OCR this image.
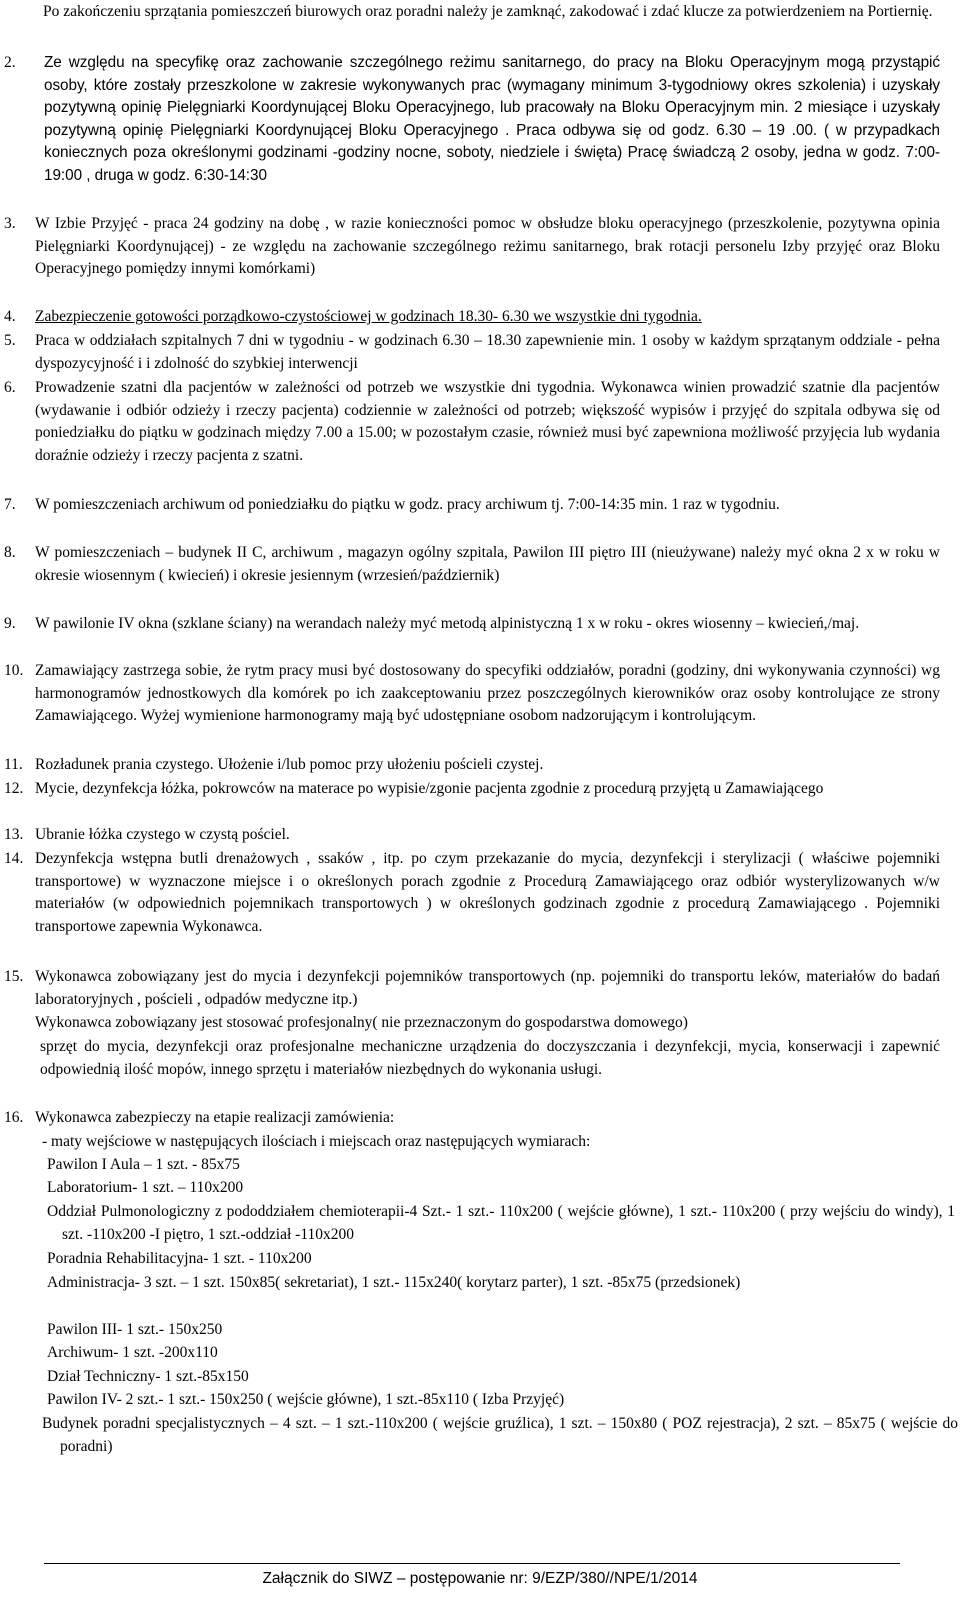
Po zakończeniu sprzątania pomieszczeń biurowych oraz poradni należy je zamknąć, zakodować i zdać klucze za potwierdzeniem na Portiernię.

2. Ze względu na specyfikę oraz zachowanie szczególnego reżimu sanitarnego, do pracy na Bloku Operacyjnym mogą przystąpić osoby, które zostały przeszkolone w zakresie wykonywanych prac (wymagany minimum 3-tygodniowy okres szkolenia) i uzyskały pozytywną opinię Pielęgniarki Koordynującej Bloku Operacyjnego, lub pracowały na Bloku Operacyjnym min. 2 miesiące i uzyskały pozytywną opinię Pielęgniarki Koordynującej Bloku Operacyjnego . Praca odbywa się od godz. 6.30 – 19 .00. ( w przypadkach koniecznych poza określonymi godzinami -godziny nocne, soboty, niedziele i święta) Pracę świadczą 2 osoby, jedna w godz. 7:00-19:00 , druga w godz. 6:30-14:30

3. W Izbie Przyjęć - praca 24 godziny na dobę , w razie konieczności pomoc w obsłudze bloku operacyjnego (przeszkolenie, pozytywna opinia Pielęgniarki Koordynującej) - ze względu na zachowanie szczególnego reżimu sanitarnego, brak rotacji personelu Izby przyjęć oraz Bloku Operacyjnego pomiędzy innymi komórkami)

4. Zabezpieczenie gotowości porządkowo-czystościowej w godzinach 18.30- 6.30 we wszystkie dni tygodnia.

5. Praca w oddziałach szpitalnych 7 dni w tygodniu - w godzinach 6.30 – 18.30 zapewnienie min. 1 osoby w każdym sprzątanym oddziale - pełna dyspozycyjność i i zdolność do szybkiej interwencji

6. Prowadzenie szatni dla pacjentów w zależności od potrzeb we wszystkie dni tygodnia. Wykonawca winien prowadzić szatnie dla pacjentów (wydawanie i odbiór odzieży i rzeczy pacjenta) codziennie w zależności od potrzeb; większość wypisów i przyjęć do szpitala odbywa się od poniedziałku do piątku w godzinach między 7.00 a 15.00; w pozostałym czasie, również musi być zapewniona możliwość przyjęcia lub wydania doraźnie odzieży i rzeczy pacjenta z szatni.

7. W pomieszczeniach archiwum od poniedziałku do piątku w godz. pracy archiwum tj. 7:00-14:35 min. 1 raz w tygodniu.

8. W pomieszczeniach – budynek II C, archiwum , magazyn ogólny szpitala, Pawilon III piętro III (nieużywane) należy myć okna 2 x w roku w okresie wiosennym ( kwiecień) i okresie jesiennym (wrzesień/październik)

9. W pawilonie IV okna (szklane ściany) na werandach należy myć metodą alpinistyczną 1 x w roku - okres wiosenny – kwiecień,/maj.

10. Zamawiający zastrzega sobie, że rytm pracy musi być dostosowany do specyfiki oddziałów, poradni (godziny, dni wykonywania czynności) wg harmonogramów jednostkowych dla komórek po ich zaakceptowaniu przez poszczególnych kierowników oraz osoby kontrolujące ze strony Zamawiającego. Wyżej wymienione harmonogramy mają być udostępniane osobom nadzorującym i kontrolującym.

11. Rozładunek prania czystego. Ułożenie i/lub pomoc przy ułożeniu pościeli czystej.

12. Mycie, dezynfekcja łóżka, pokrowców na materace po wypisie/zgonie pacjenta zgodnie z procedurą przyjętą u Zamawiającego

13. Ubranie łóżka czystego w czystą pościel.

14. Dezynfekcja wstępna butli drenażowych , ssaków , itp. po czym przekazanie do mycia, dezynfekcji i sterylizacji ( właściwe pojemniki transportowe) w wyznaczone miejsce i o określonych porach zgodnie z Procedurą Zamawiającego oraz odbiór wysterylizowanych w/w materiałów (w odpowiednich pojemnikach transportowych ) w określonych godzinach zgodnie z procedurą Zamawiającego . Pojemniki transportowe zapewnia Wykonawca.

15. Wykonawca zobowiązany jest do mycia i dezynfekcji pojemników transportowych (np. pojemniki do transportu leków, materiałów do badań laboratoryjnych , pościeli , odpadów medyczne itp.)

Wykonawca zobowiązany jest stosować profesjonalny( nie przeznaczonym do gospodarstwa domowego)

sprzęt do mycia, dezynfekcji oraz profesjonalne mechaniczne urządzenia do doczyszczania i dezynfekcji, mycia, konserwacji i zapewnić odpowiednią ilość mopów, innego sprzętu i materiałów niezbędnych do wykonania usługi.

16. Wykonawca zabezpieczy na etapie realizacji zamówienia:

- maty wejściowe w następujących ilościach i miejscach oraz następujących wymiarach:

Pawilon I Aula – 1 szt. - 85x75

Laboratorium- 1 szt. – 110x200

Oddział Pulmonologiczny z pododdziałem chemioterapii-4 Szt.- 1 szt.- 110x200 ( wejście główne), 1 szt.- 110x200 ( przy wejściu do windy), 1 szt. -110x200 -I piętro, 1 szt.-oddział -110x200

Poradnia Rehabilitacyjna- 1 szt. - 110x200

Administracja- 3 szt. – 1 szt. 150x85( sekretariat), 1 szt.- 115x240( korytarz parter), 1 szt. -85x75 (przedsionek)

Pawilon III- 1 szt.- 150x250

Archiwum- 1 szt. -200x110

Dział Techniczny- 1 szt.-85x150

Pawilon IV- 2 szt.- 1 szt.- 150x250 ( wejście główne), 1 szt.-85x110 ( Izba Przyjęć)

Budynek poradni specjalistycznych – 4 szt. – 1 szt.-110x200 ( wejście gruźlica), 1 szt. – 150x80 ( POZ rejestracja), 2 szt. – 85x75 ( wejście do poradni)

Załącznik do SIWZ – postępowanie nr: 9/EZP/380//NPE/1/2014
